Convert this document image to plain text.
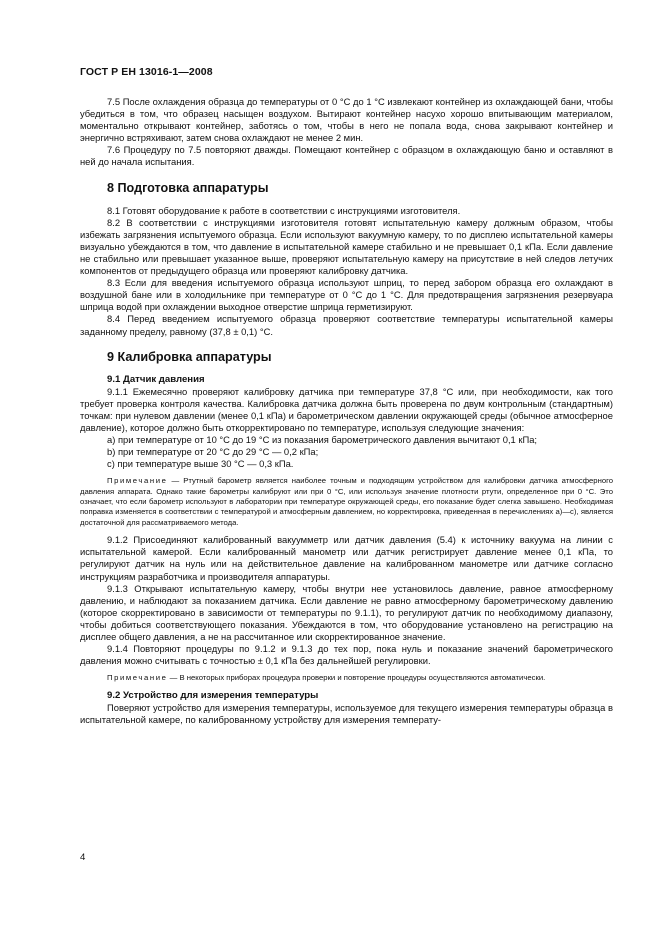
ГОСТ Р ЕН 13016-1—2008

7.5 После охлаждения образца до температуры от 0 °С до 1 °С извлекают контейнер из охлаждающей бани, чтобы убедиться в том, что образец насыщен воздухом. Вытирают контейнер насухо хорошо впитывающим материалом, моментально открывают контейнер, заботясь о том, чтобы в него не попала вода, снова закрывают контейнер и энергично встряхивают, затем снова охлаждают не менее 2 мин.

7.6 Процедуру по 7.5 повторяют дважды. Помещают контейнер с образцом в охлаждающую баню и оставляют в ней до начала испытания.

8 Подготовка аппаратуры

8.1 Готовят оборудование к работе в соответствии с инструкциями изготовителя.

8.2 В соответствии с инструкциями изготовителя готовят испытательную камеру должным образом, чтобы избежать загрязнения испытуемого образца. Если используют вакуумную камеру, то по дисплею испытательной камеры визуально убеждаются в том, что давление в испытательной камере стабильно и не превышает 0,1 кПа. Если давление не стабильно или превышает указанное выше, проверяют испытательную камеру на присутствие в ней следов летучих компонентов от предыдущего образца или проверяют калибровку датчика.

8.3 Если для введения испытуемого образца используют шприц, то перед забором образца его охлаждают в воздушной бане или в холодильнике при температуре от 0 °С до 1 °С. Для предотвращения загрязнения резервуара шприца водой при охлаждении выходное отверстие шприца герметизируют.

8.4 Перед введением испытуемого образца проверяют соответствие температуры испытательной камеры заданному пределу, равному (37,8 ± 0,1) °С.

9 Калибровка аппаратуры
9.1 Датчик давления

9.1.1 Ежемесячно проверяют калибровку датчика при температуре 37,8 °С или, при необходимости, как того требует проверка контроля качества. Калибровка датчика должна быть проверена по двум контрольным (стандартным) точкам: при нулевом давлении (менее 0,1 кПа) и барометрическом давлении окружающей среды (обычное атмосферное давление), которое должно быть откорректировано по температуре, используя следующие значения:

а) при температуре от 10 °С до 19 °С из показания барометрического давления вычитают 0,1 кПа;

b) при температуре от 20 °С до 29 °С — 0,2 кПа;

с) при температуре выше 30 °С — 0,3 кПа.

Примечание — Ртутный барометр является наиболее точным и подходящим устройством для калибровки датчика атмосферного давления аппарата. Однако такие барометры калибруют или при 0 °С, или используя значение плотности ртути, определенное при 0 °С. Это означает, что если барометр используют в лаборатории при температуре окружающей среды, его показание будет слегка завышено. Необходимая поправка изменяется в соответствии с температурой и атмосферным давлением, но корректировка, приведенная в перечислениях а)—с), является достаточной для рассматриваемого метода.

9.1.2 Присоединяют калиброванный вакуумметр или датчик давления (5.4) к источнику вакуума на линии с испытательной камерой. Если калиброванный манометр или датчик регистрирует давление менее 0,1 кПа, то регулируют датчик на нуль или на действительное давление на калиброванном манометре или датчике согласно инструкциям разработчика и производителя аппаратуры.

9.1.3 Открывают испытательную камеру, чтобы внутри нее установилось давление, равное атмосферному давлению, и наблюдают за показанием датчика. Если давление не равно атмосферному барометрическому давлению (которое скорректировано в зависимости от температуры по 9.1.1), то регулируют датчик по необходимому диапазону, чтобы добиться соответствующего показания. Убеждаются в том, что оборудование установлено на регистрацию на дисплее общего давления, а не на рассчитанное или скорректированное значение.

9.1.4 Повторяют процедуры по 9.1.2 и 9.1.3 до тех пор, пока нуль и показание значений барометрического давления можно считывать с точностью ± 0,1 кПа без дальнейшей регулировки.

Примечание — В некоторых приборах процедура проверки и повторение процедуры осуществляются автоматически.

9.2 Устройство для измерения температуры

Поверяют устройство для измерения температуры, используемое для текущего измерения температуры образца в испытательной камере, по калиброванному устройству для измерения температу-

4
